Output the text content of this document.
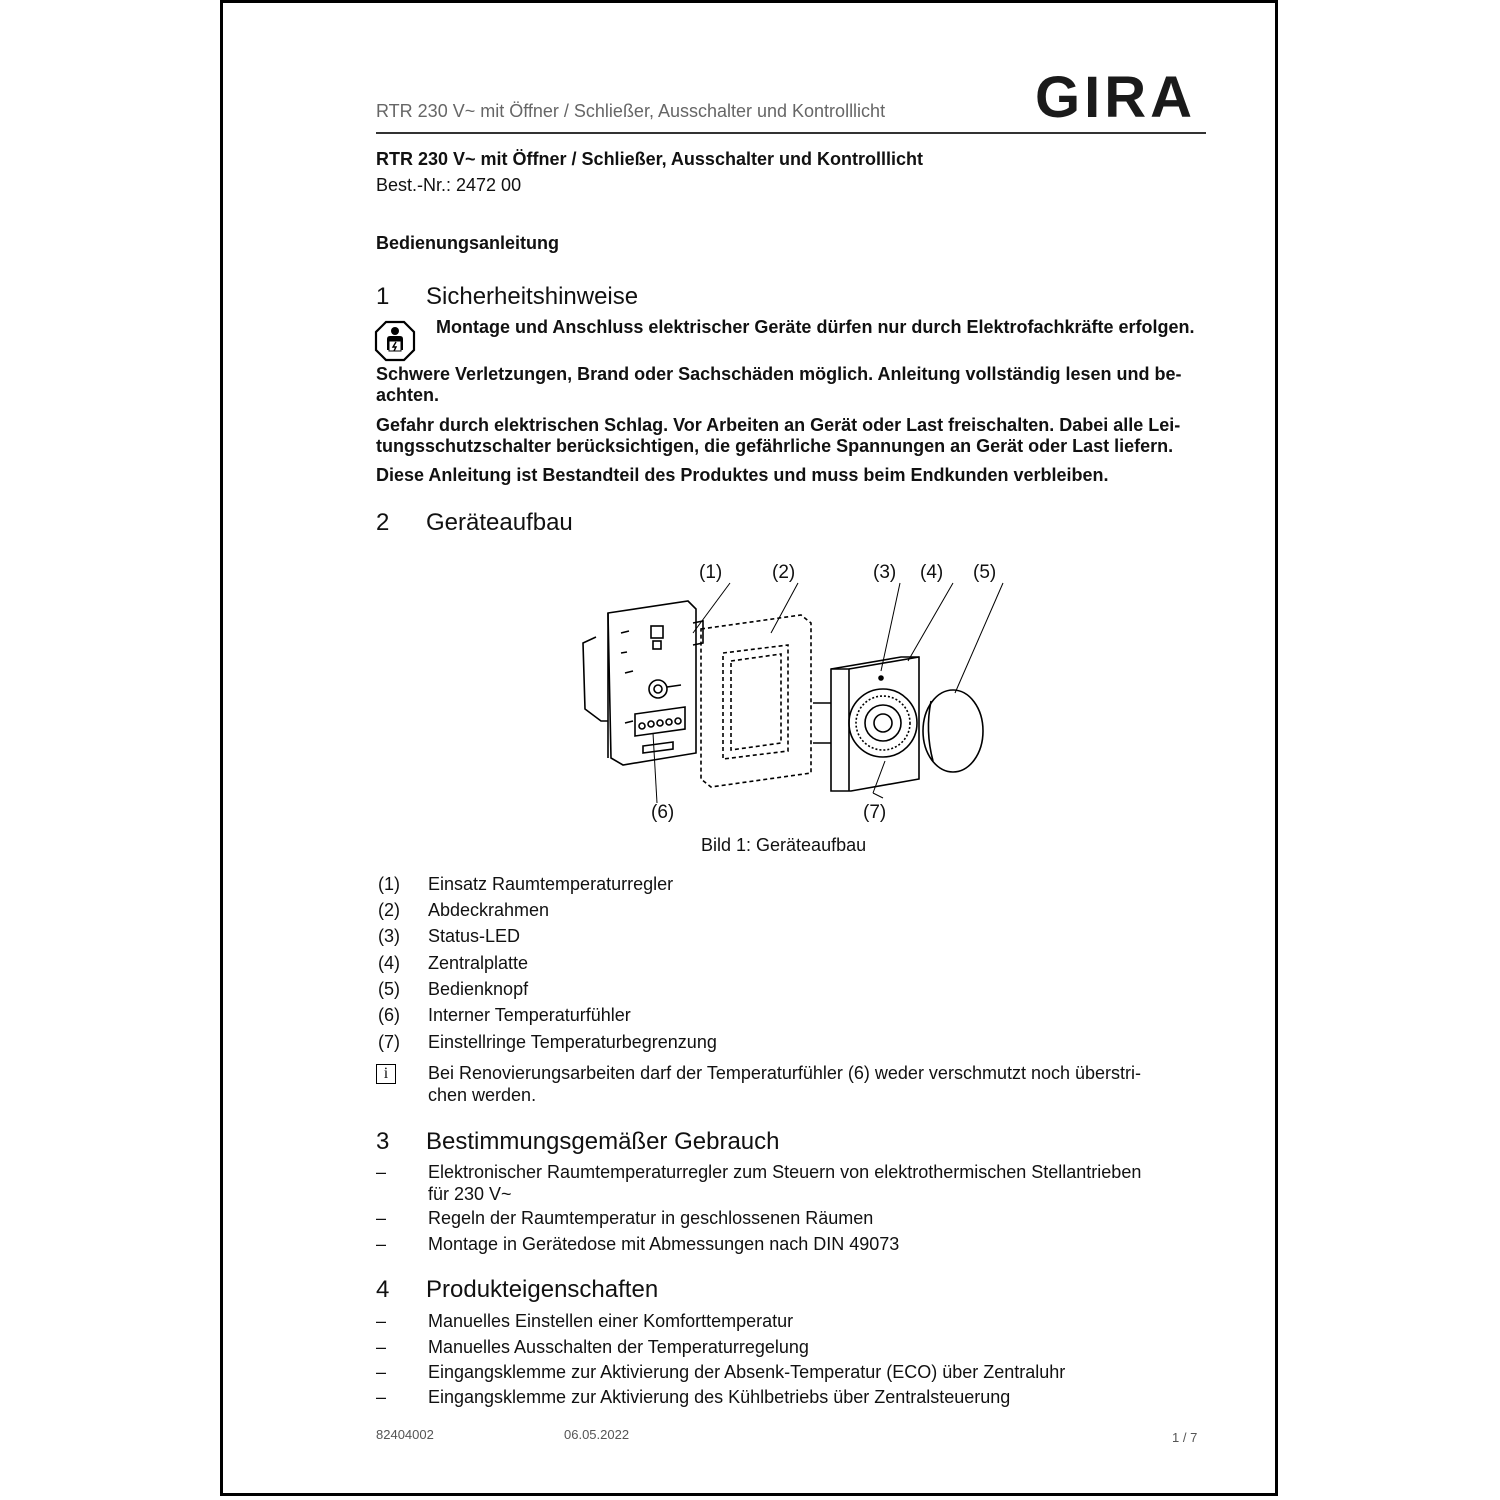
RTR 230 V~ mit Öffner / Schließer, Ausschalter und Kontrolllicht	GIRA
RTR 230 V~ mit Öffner / Schließer, Ausschalter und Kontrolllicht
Best.-Nr.: 2472 00
Bedienungsanleitung
1 Sicherheitshinweise
Montage und Anschluss elektrischer Geräte dürfen nur durch Elektrofachkräfte erfolgen.
Schwere Verletzungen, Brand oder Sachschäden möglich. Anleitung vollständig lesen und be-
achten.
Gefahr durch elektrischen Schlag. Vor Arbeiten an Gerät oder Last freischalten. Dabei alle Lei-
tungsschutzschalter berücksichtigen, die gefährliche Spannungen an Gerät oder Last liefern.
Diese Anleitung ist Bestandteil des Produktes und muss beim Endkunden verbleiben.
2 Geräteaufbau
(1)	(2)	(3) (4) (5)
(6)	(7)
Bild 1: Geräteaufbau
(1) Einsatz Raumtemperaturregler
(2) Abdeckrahmen
(3) Status-LED
(4) Zentralplatte
(5) Bedienknopf
(6) Interner Temperaturfühler
(7) Einstellringe Temperaturbegrenzung
i	Bei Renovierungsarbeiten darf der Temperaturfühler (6) weder verschmutzt noch überstri-
chen werden.
3 Bestimmungsgemäßer Gebrauch
– Elektronischer Raumtemperaturregler zum Steuern von elektrothermischen Stellantrieben
für 230 V~
– Regeln der Raumtemperatur in geschlossenen Räumen
– Montage in Gerätedose mit Abmessungen nach DIN 49073
4 Produkteigenschaften
– Manuelles Einstellen einer Komforttemperatur
– Manuelles Ausschalten der Temperaturregelung
– Eingangsklemme zur Aktivierung der Absenk-Temperatur (ECO) über Zentraluhr
– Eingangsklemme zur Aktivierung des Kühlbetriebs über Zentralsteuerung
82404002	06.05.2022	1 / 7
